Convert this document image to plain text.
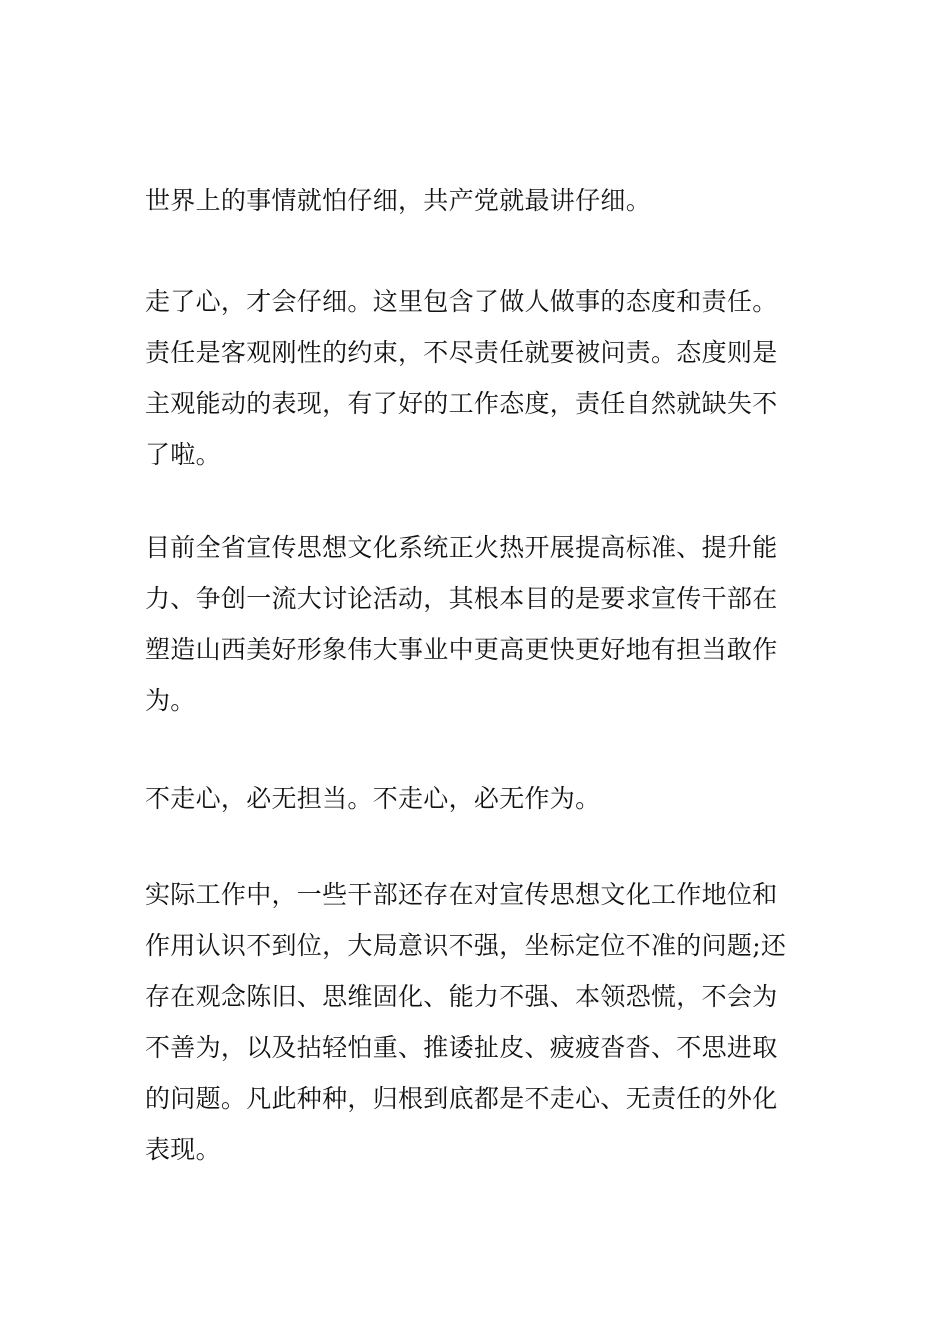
世界上的事情就怕仔细，共产党就最讲仔细。

走了心，才会仔细。这里包含了做人做事的态度和责任。
责任是客观刚性的约束，不尽责任就要被问责。态度则是
主观能动的表现，有了好的工作态度，责任自然就缺失不
了啦。

目前全省宣传思想文化系统正火热开展提高标准、提升能
力、争创一流大讨论活动，其根本目的是要求宣传干部在
塑造山西美好形象伟大事业中更高更快更好地有担当敢作
为。

不走心，必无担当。不走心，必无作为。

实际工作中，一些干部还存在对宣传思想文化工作地位和
作用认识不到位，大局意识不强，坐标定位不准的问题;还
存在观念陈旧、思维固化、能力不强、本领恐慌，不会为
不善为，以及拈轻怕重、推诿扯皮、疲疲沓沓、不思进取
的问题。凡此种种，归根到底都是不走心、无责任的外化
表现。
